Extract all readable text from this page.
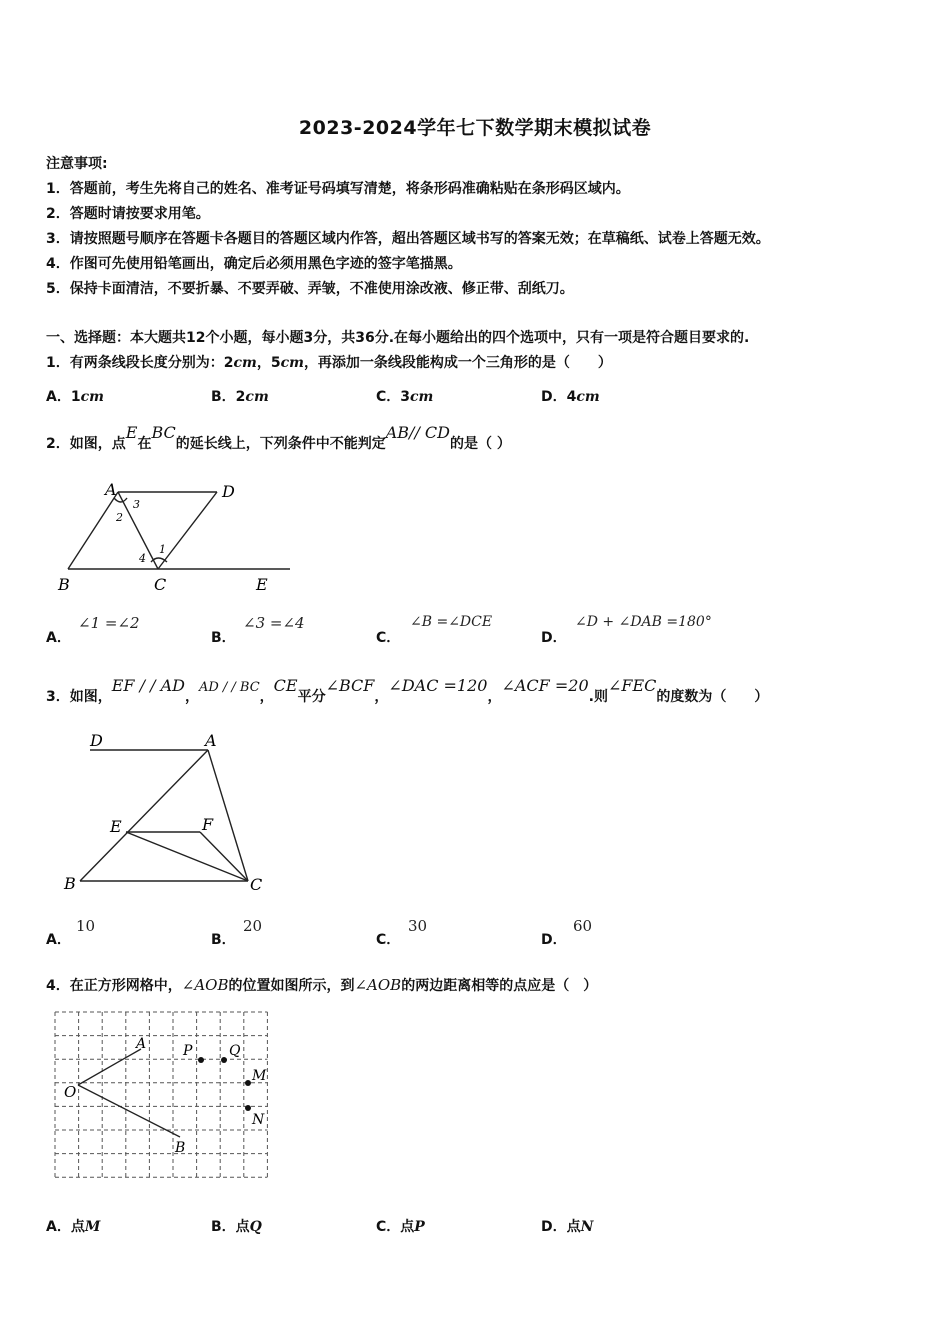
2023-2024学年七下数学期末模拟试卷
注意事项:
1．答题前，考生先将自己的姓名、准考证号码填写清楚，将条形码准确粘贴在条形码区域内。
2．答题时请按要求用笔。
3．请按照题号顺序在答题卡各题目的答题区域内作答，超出答题区域书写的答案无效；在草稿纸、试卷上答题无效。
4．作图可先使用铅笔画出，确定后必须用黑色字迹的签字笔描黑。
5．保持卡面清洁，不要折暴、不要弄破、弄皱，不准使用涂改液、修正带、刮纸刀。
一、选择题：本大题共12个小题，每小题3分，共36分.在每小题给出的四个选项中，只有一项是符合题目要求的.
1．有两条线段长度分别为：2cm，5cm，再添加一条线段能构成一个三角形的是（　　）
A．1cm	B．2cm	C．3cm	D．4cm
2．如图，点E在BC的延长线上，下列条件中不能判定AB// CD的是（ ）
A	D
B	C	E
1
2
3
4
A．
∠1 =∠2
B．
∠3 =∠4
C．
∠B =∠DCE
D．
∠D + ∠DAB =180°
3．如图，EF / / AD，AD / / BC，CE平分∠BCF，∠DAC =120，∠ACF =20.则∠FEC的度数为（　　）
D	A
E	F
B	C
A．
10
B．
20
C．
30
D．
60
4．在正方形网格中，∠AOB的位置如图所示，到∠AOB的两边距离相等的点应是（　）
O
A
B
P	Q
M
N
A．点M	B．点Q	C．点P	D．点N
